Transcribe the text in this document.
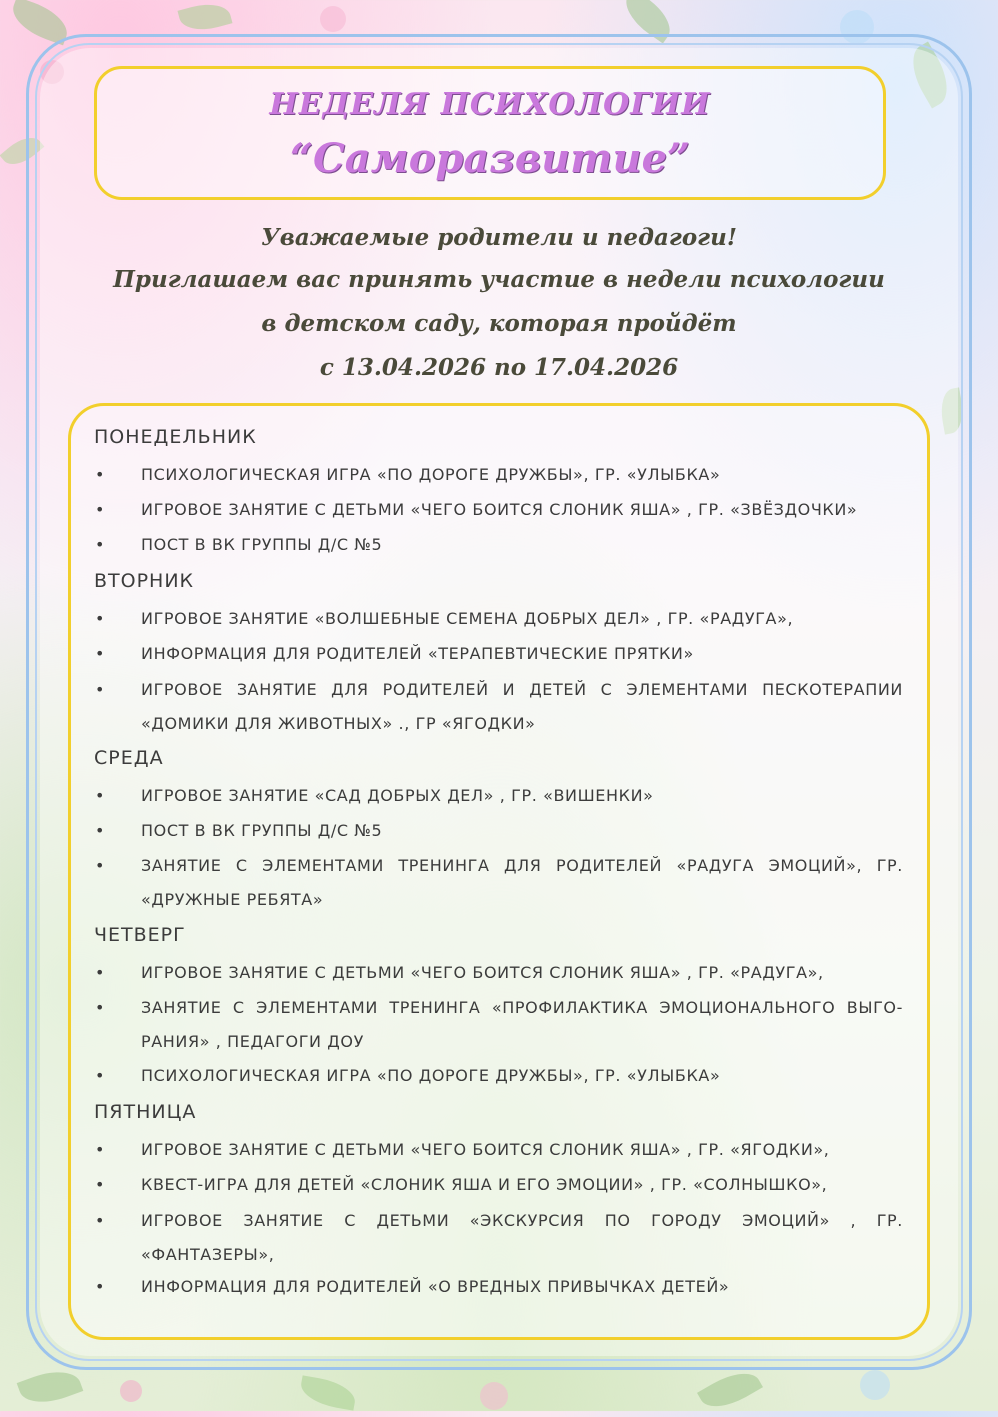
НЕДЕЛЯ ПСИХОЛОГИИ
“Саморазвитие”
Уважаемые родители и педагоги!
Приглашаем вас принять участие в недели психологии
в детском саду, которая пройдёт
с 13.04.2026 по 17.04.2026
ПОНЕДЕЛЬНИК
• ПСИХОЛОГИЧЕСКАЯ ИГРА «ПО ДОРОГЕ ДРУЖБЫ», ГР. «УЛЫБКА»
• ИГРОВОЕ ЗАНЯТИЕ С ДЕТЬМИ «ЧЕГО БОИТСЯ СЛОНИК ЯША» , ГР. «ЗВЁЗДОЧКИ»
• ПОСТ В ВК ГРУППЫ Д/С №5
ВТОРНИК
• ИГРОВОЕ ЗАНЯТИЕ «ВОЛШЕБНЫЕ СЕМЕНА ДОБРЫХ ДЕЛ» , ГР. «РАДУГА»,
• ИНФОРМАЦИЯ ДЛЯ РОДИТЕЛЕЙ «ТЕРАПЕВТИЧЕСКИЕ ПРЯТКИ»
• ИГРОВОЕ ЗАНЯТИЕ ДЛЯ РОДИТЕЛЕЙ И ДЕТЕЙ С ЭЛЕМЕНТАМИ ПЕСКОТЕРАПИИ «ДОМИКИ ДЛЯ ЖИВОТНЫХ» ., ГР «ЯГОДКИ»
СРЕДА
• ИГРОВОЕ ЗАНЯТИЕ «САД ДОБРЫХ ДЕЛ» , ГР. «ВИШЕНКИ»
• ПОСТ В ВК ГРУППЫ Д/С №5
• ЗАНЯТИЕ С ЭЛЕМЕНТАМИ ТРЕНИНГА ДЛЯ РОДИТЕЛЕЙ «РАДУГА ЭМОЦИЙ», ГР. «ДРУЖНЫЕ РЕБЯТА»
ЧЕТВЕРГ
• ИГРОВОЕ ЗАНЯТИЕ С ДЕТЬМИ «ЧЕГО БОИТСЯ СЛОНИК ЯША» , ГР. «РАДУГА»,
• ЗАНЯТИЕ С ЭЛЕМЕНТАМИ ТРЕНИНГА «ПРОФИЛАКТИКА ЭМОЦИОНАЛЬНОГО ВЫГО-РАНИЯ» , ПЕДАГОГИ ДОУ
• ПСИХОЛОГИЧЕСКАЯ ИГРА «ПО ДОРОГЕ ДРУЖБЫ», ГР. «УЛЫБКА»
ПЯТНИЦА
• ИГРОВОЕ ЗАНЯТИЕ С ДЕТЬМИ «ЧЕГО БОИТСЯ СЛОНИК ЯША» , ГР. «ЯГОДКИ»,
• КВЕСТ-ИГРА ДЛЯ ДЕТЕЙ «СЛОНИК ЯША И ЕГО ЭМОЦИИ» , ГР. «СОЛНЫШКО»,
• ИГРОВОЕ ЗАНЯТИЕ С ДЕТЬМИ «ЭКСКУРСИЯ ПО ГОРОДУ ЭМОЦИЙ» , ГР. «ФАНТАЗЕРЫ»,
• ИНФОРМАЦИЯ ДЛЯ РОДИТЕЛЕЙ «О ВРЕДНЫХ ПРИВЫЧКАХ ДЕТЕЙ»
